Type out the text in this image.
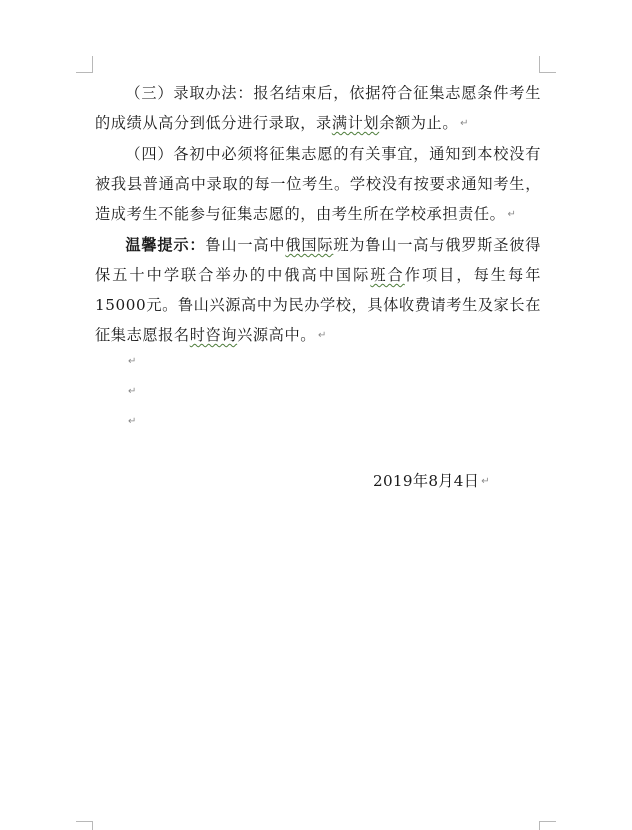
（三）录取办法：报名结束后，依据符合征集志愿条件考生的成绩从高分到低分进行录取，录满计划余额为止。 ↵

（四）各初中必须将征集志愿的有关事宜，通知到本校没有被我县普通高中录取的每一位考生。学校没有按要求通知考生，造成考生不能参与征集志愿的，由考生所在学校承担责任。 ↵

温馨提示：鲁山一高中俄国际班为鲁山一高与俄罗斯圣彼得保五十中学联合举办的中俄高中国际班合作项目，每生每年15000元。鲁山兴源高中为民办学校，具体收费请考生及家长在征集志愿报名时咨询兴源高中。 ↵

↵
↵
↵
2019年8月4日 ↵
